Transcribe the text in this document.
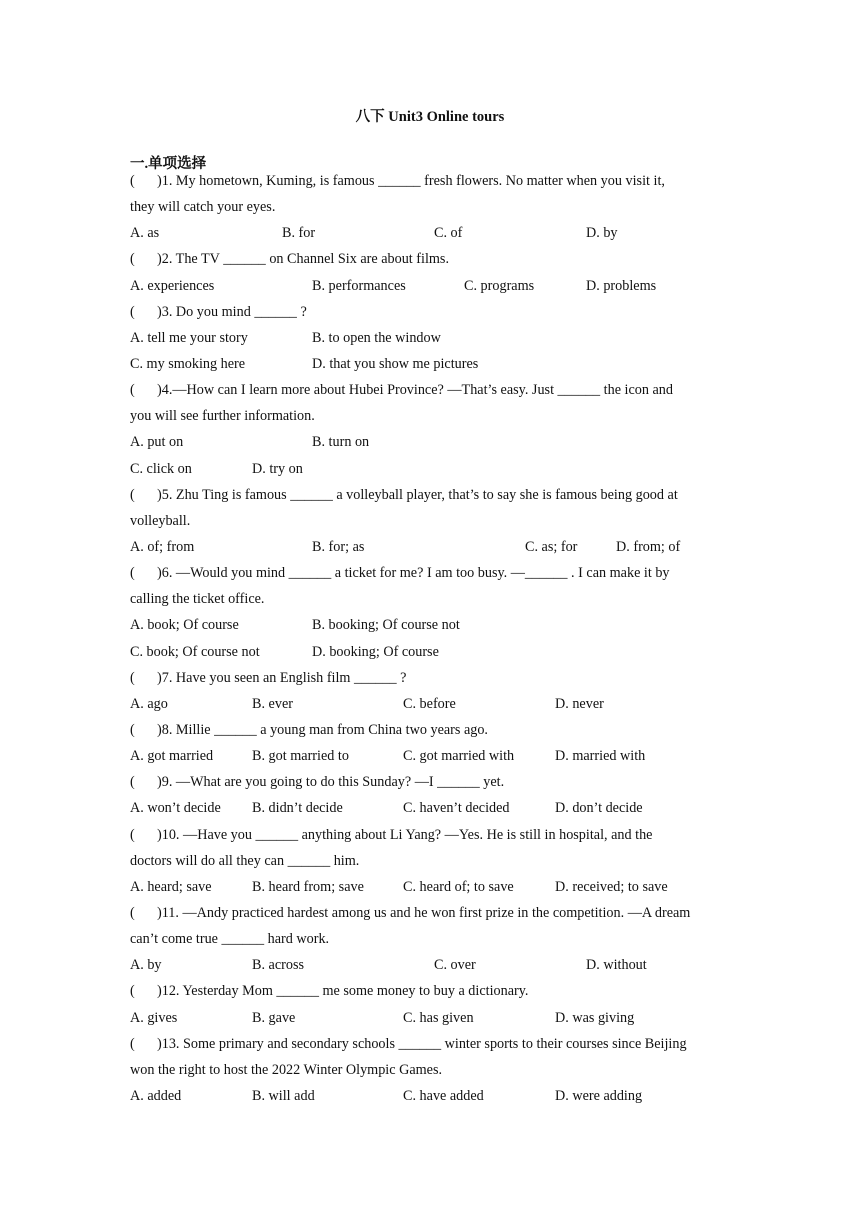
八下 Unit3 Online tours
一.单项选择
( )1. My hometown, Kuming, is famous ______ fresh flowers. No matter when you visit it,
they will catch your eyes.
A. as	B. for	C. of	D. by
( )2. The TV ______ on Channel Six are about films.
A. experiences	B. performances	C. programs	D. problems
( )3. Do you mind ______ ?
A. tell me your story	B. to open the window
C. my smoking here	D. that you show me pictures
( )4.—How can I learn more about Hubei Province? —That’s easy. Just ______ the icon and
you will see further information.
A. put on	B. turn on
C. click on	D. try on
( )5. Zhu Ting is famous ______ a volleyball player, that’s to say she is famous being good at
volleyball.
A. of; from	B. for; as	C. as; for	D. from; of
( )6. —Would you mind ______ a ticket for me? I am too busy. —______ . I can make it by
calling the ticket office.
A. book; Of course	B. booking; Of course not
C. book; Of course not	D. booking; Of course
( )7. Have you seen an English film ______ ?
A. ago	B. ever	C. before	D. never
( )8. Millie ______ a young man from China two years ago.
A. got married	B. got married to	C. got married with	D. married with
( )9. —What are you going to do this Sunday? —I ______ yet.
A. won’t decide B. didn’t decide	C. haven’t decided	D. don’t decide
( )10. —Have you ______ anything about Li Yang? —Yes. He is still in hospital, and the
doctors will do all they can ______ him.
A. heard; save	B. heard from; save	C. heard of; to save	D. received; to save
( )11. —Andy practiced hardest among us and he won first prize in the competition. —A dream
can’t come true ______ hard work.
A. by	B. across	C. over	D. without
( )12. Yesterday Mom ______ me some money to buy a dictionary.
A. gives	B. gave	C. has given	D. was giving
( )13. Some primary and secondary schools ______ winter sports to their courses since Beijing
won the right to host the 2022 Winter Olympic Games.
A. added	B. will add	C. have added	D. were adding
